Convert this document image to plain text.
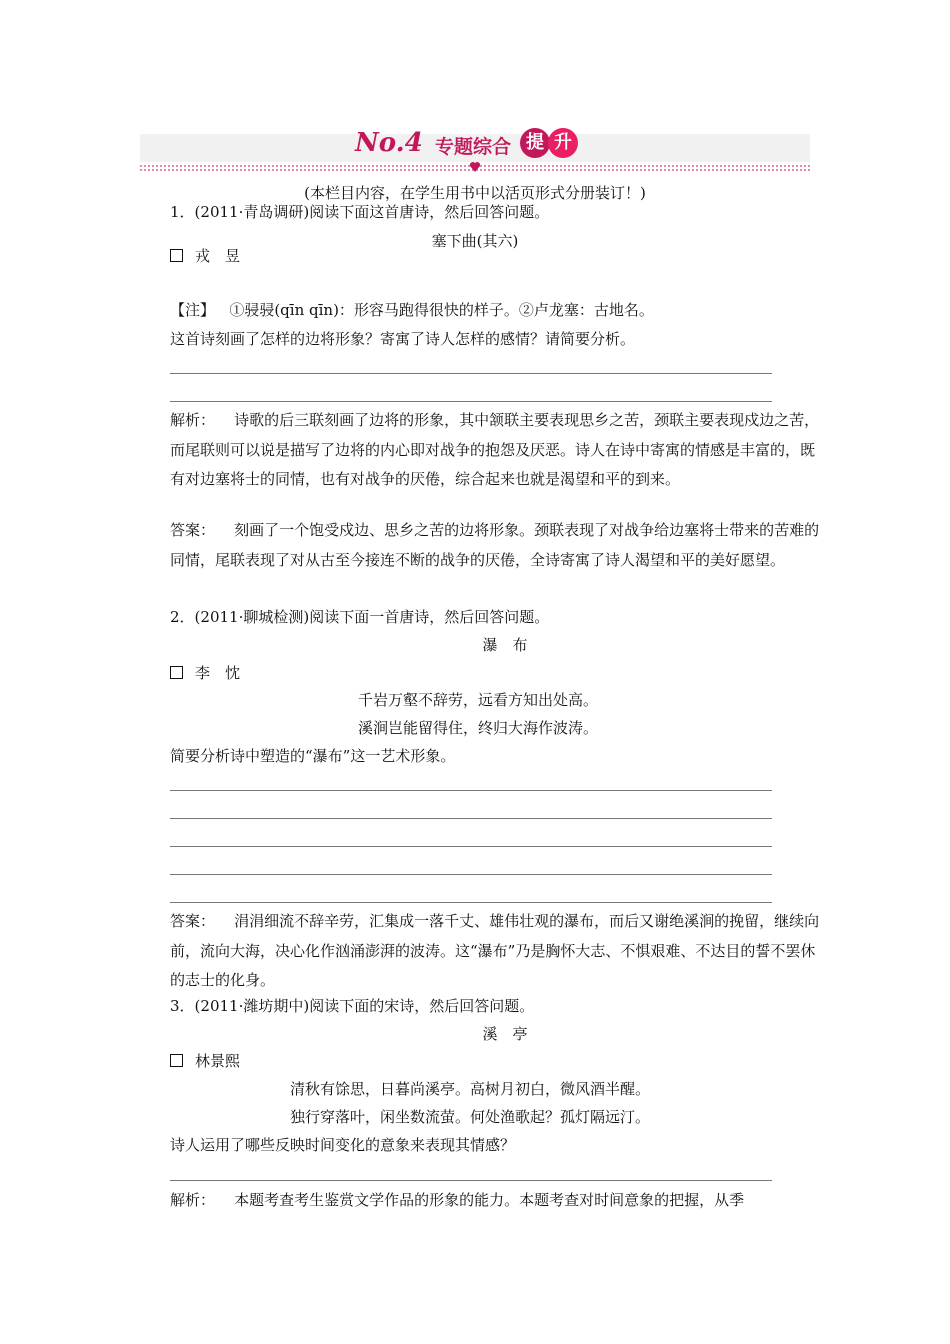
No.4 专题综合 提 升
(本栏目内容，在学生用书中以活页形式分册装订！)
1．(2011·青岛调研)阅读下面这首唐诗，然后回答问题。
塞下曲(其六)
戎　昱
【注】 ①骎骎(qīn qīn)：形容马跑得很快的样子。②卢龙塞：古地名。
这首诗刻画了怎样的边将形象？寄寓了诗人怎样的感情？请简要分析。
解析： 诗歌的后三联刻画了边将的形象，其中颔联主要表现思乡之苦，颈联主要表现戍边之苦，而尾联则可以说是描写了边将的内心即对战争的抱怨及厌恶。诗人在诗中寄寓的情感是丰富的，既有对边塞将士的同情，也有对战争的厌倦，综合起来也就是渴望和平的到来。
答案： 刻画了一个饱受戍边、思乡之苦的边将形象。颈联表现了对战争给边塞将士带来的苦难的同情，尾联表现了对从古至今接连不断的战争的厌倦，全诗寄寓了诗人渴望和平的美好愿望。
2．(2011·聊城检测)阅读下面一首唐诗，然后回答问题。
瀑　布
李　忱
千岩万壑不辞劳，远看方知出处高。
溪涧岂能留得住，终归大海作波涛。
简要分析诗中塑造的“瀑布”这一艺术形象。
答案： 涓涓细流不辞辛劳，汇集成一落千丈、雄伟壮观的瀑布，而后又谢绝溪涧的挽留，继续向前，流向大海，决心化作汹涌澎湃的波涛。这“瀑布”乃是胸怀大志、不惧艰难、不达目的誓不罢休的志士的化身。
3．(2011·潍坊期中)阅读下面的宋诗，然后回答问题。
溪　亭
林景熙
清秋有馀思，日暮尚溪亭。高树月初白，微风酒半醒。
独行穿落叶，闲坐数流萤。何处渔歌起？孤灯隔远汀。
诗人运用了哪些反映时间变化的意象来表现其情感？
解析： 本题考查考生鉴赏文学作品的形象的能力。本题考查对时间意象的把握，从季
